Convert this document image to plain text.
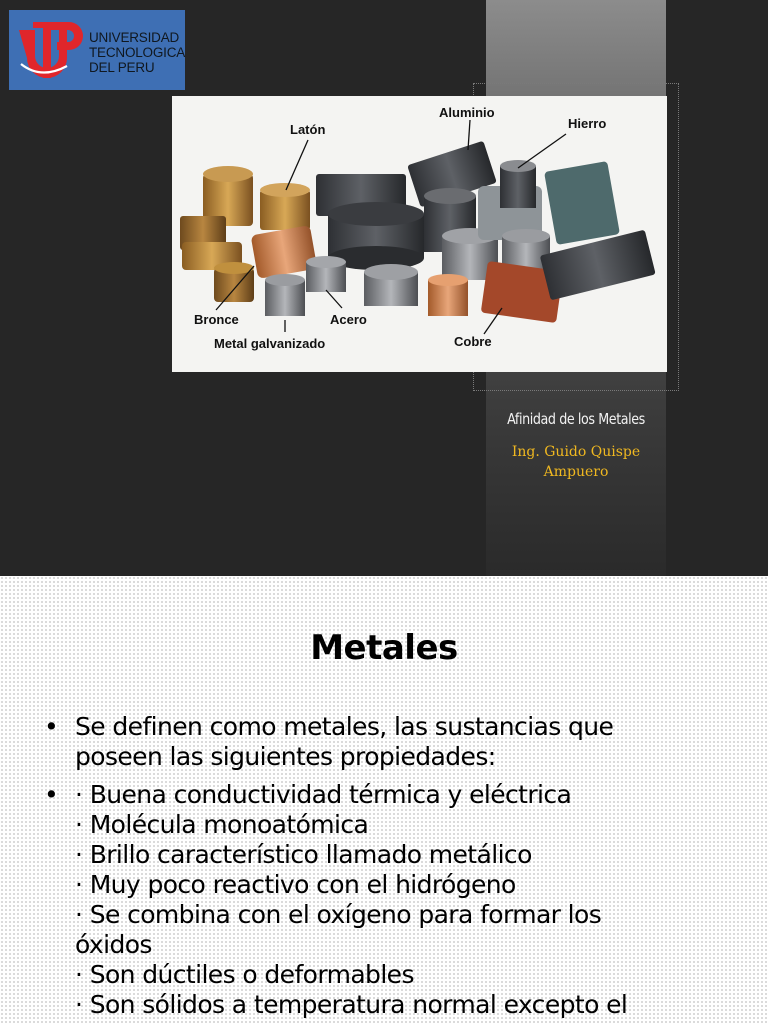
UNIVERSIDAD
TECNOLOGICA
DEL PERU
Latón
Aluminio
Hierro
Bronce	Acero
Metal galvanizado	Cobre
Afinidad de los Metales
Ing. Guido Quispe
Ampuero
Metales
• Se definen como metales, las sustancias que
poseen las siguientes propiedades:
• · Buena conductividad térmica y eléctrica
· Molécula monoatómica
· Brillo característico llamado metálico
· Muy poco reactivo con el hidrógeno
· Se combina con el oxígeno para formar los
óxidos
· Son dúctiles o deformables
· Son sólidos a temperatura normal excepto el
